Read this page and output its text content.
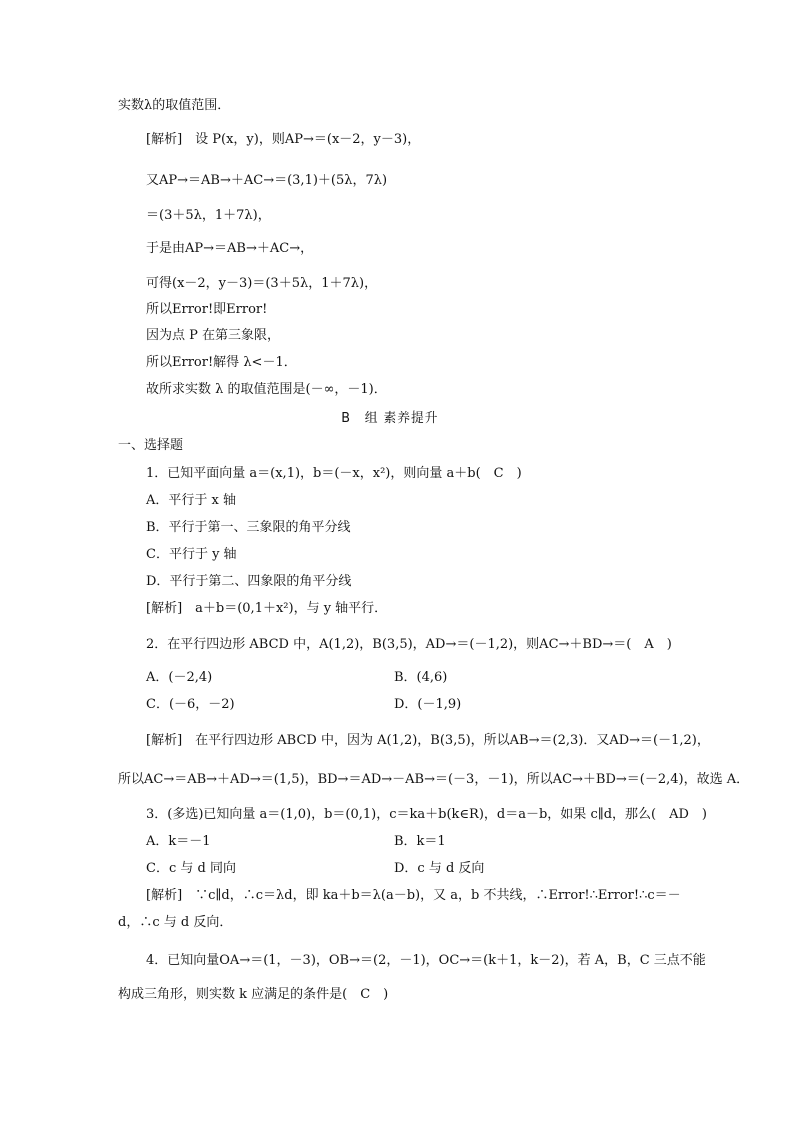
实数λ的取值范围．
[解析]　设 P(x，y)，则AP→＝(x－2，y－3)，
又AP→＝AB→＋AC→＝(3,1)＋(5λ，7λ)
＝(3＋5λ，1＋7λ)，
于是由AP→＝AB→＋AC→，
可得(x－2，y－3)＝(3＋5λ，1＋7λ)，
所以Error!即Error!
因为点 P 在第三象限，
所以Error!解得 λ<－1．
故所求实数 λ 的取值范围是(－∞，－1)．
B　组 素养提升
一、选择题
1．已知平面向量 a＝(x,1)，b＝(－x，x²)，则向量 a＋b(　C　)
A．平行于 x 轴
B．平行于第一、三象限的角平分线
C．平行于 y 轴
D．平行于第二、四象限的角平分线
[解析]　a＋b＝(0,1＋x²)，与 y 轴平行．
2．在平行四边形 ABCD 中，A(1,2)，B(3,5)，AD→＝(－1,2)，则AC→＋BD→＝(　A　)
A．(－2,4)	B．(4,6)
C．(－6，－2)	D．(－1,9)
[解析]　在平行四边形 ABCD 中，因为 A(1,2)，B(3,5)，所以AB→＝(2,3)．又AD→＝(－1,2)，
所以AC→＝AB→＋AD→＝(1,5)，BD→＝AD→－AB→＝(－3，－1)，所以AC→＋BD→＝(－2,4)，故选 A．
3．(多选)已知向量 a＝(1,0)，b＝(0,1)，c＝ka＋b(k∈R)，d＝a－b，如果 c∥d，那么(　AD　)
A．k＝－1	B．k＝1
C．c 与 d 同向	D．c 与 d 反向
[解析]　∵c∥d，∴c＝λd，即 ka＋b＝λ(a－b)，又 a，b 不共线，∴Error!∴Error!∴c＝－
d，∴c 与 d 反向．
4．已知向量OA→＝(1，－3)，OB→＝(2，－1)，OC→＝(k＋1，k－2)，若 A，B，C 三点不能
构成三角形，则实数 k 应满足的条件是(　C　)
